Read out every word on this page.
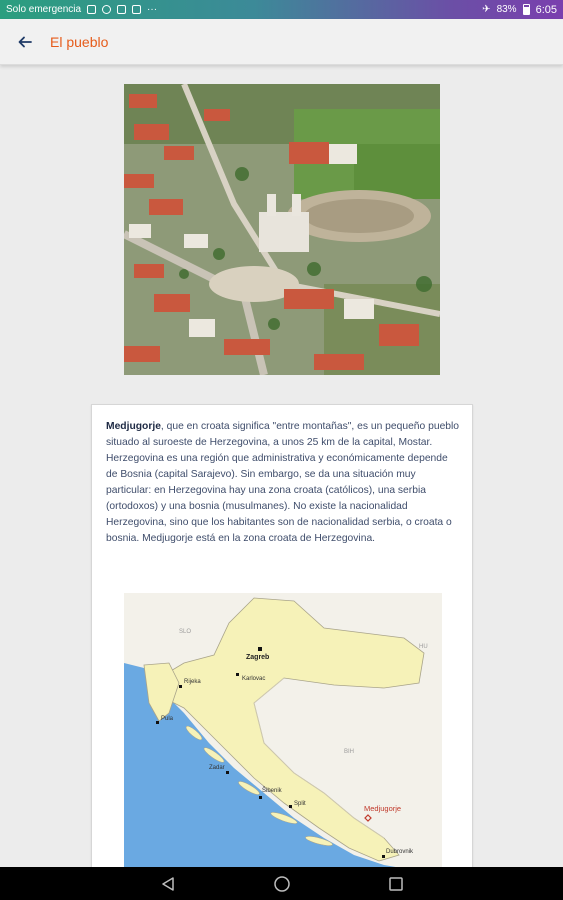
Solo emergencia	···	✈ 83% 6:05
El pueblo

Medjugorje, que en croata significa "entre montañas", es un pequeño pueblo situado al suroeste de Herzegovina, a unos 25 km de la capital, Mostar. Herzegovina es una región que administrativa y económicamente depende de Bosnia (capital Sarajevo). Sin embargo, se da una situación muy particular: en Herzegovina hay una zona croata (católicos), una serbia (ortodoxos) y una bosnia (musulmanes). No existe la nacionalidad Herzegovina, sino que los habitantes son de nacionalidad serbia, o croata o bosnia. Medjugorje está en la zona croata de Herzegovina.

SLO
HU
BIH
Zagreb
Karlovac
Rijeka
Pula
Zadar
Šibenik
Split	Medjugorje
Dubrovnik
